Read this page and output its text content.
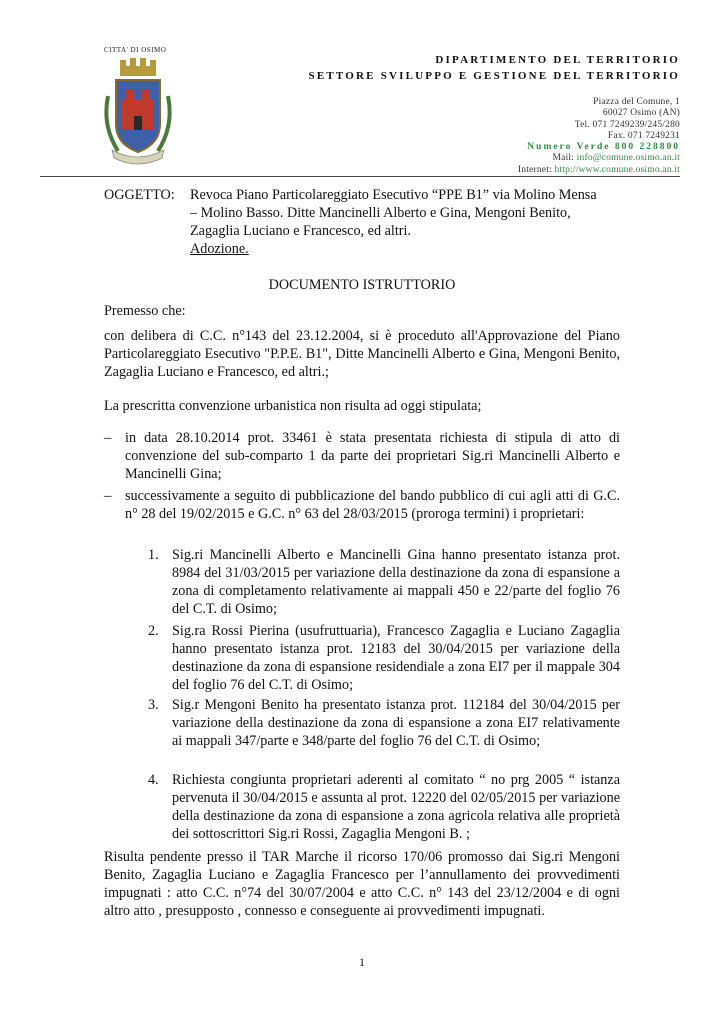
CITTA' DI OSIMO
DIPARTIMENTO DEL TERRITORIO
SETTORE SVILUPPO E GESTIONE DEL TERRITORIO
Piazza del Comune, 1
60027 Osimo (AN)
Tel. 071 7249239/245/280
Fax. 071 7249231
Numero Verde 800 228800
Mail: info@comune.osimo.an.it
Internet: http://www.comune.osimo.an.it
OGGETTO: Revoca Piano Particolareggiato Esecutivo “PPE B1” via Molino Mensa
– Molino Basso. Ditte Mancinelli Alberto e Gina, Mengoni Benito,
Zagaglia Luciano e Francesco, ed altri.
Adozione.
DOCUMENTO ISTRUTTORIO
Premesso che:
con delibera di C.C. n°143 del 23.12.2004, si è proceduto all'Approvazione del Piano Particolareggiato Esecutivo "P.P.E. B1", Ditte Mancinelli Alberto e Gina, Mengoni Benito, Zagaglia Luciano e Francesco, ed altri.;
La prescritta convenzione urbanistica non risulta ad oggi stipulata;
– in data 28.10.2014 prot. 33461 è stata presentata richiesta di stipula di atto di convenzione del sub-comparto 1 da parte dei proprietari Sig.ri Mancinelli Alberto e Mancinelli Gina;
– successivamente a seguito di pubblicazione del bando pubblico di cui agli atti di G.C. n° 28 del 19/02/2015 e G.C. n° 63 del 28/03/2015 (proroga termini) i proprietari:
1. Sig.ri Mancinelli Alberto e Mancinelli Gina hanno presentato istanza prot. 8984 del 31/03/2015 per variazione della destinazione da zona di espansione a zona di completamento relativamente ai mappali 450 e 22/parte del foglio 76 del C.T. di Osimo;
2. Sig.ra Rossi Pierina (usufruttuaria), Francesco Zagaglia e Luciano Zagaglia hanno presentato istanza prot. 12183 del 30/04/2015 per variazione della destinazione da zona di espansione residendiale a zona EI7 per il mappale 304 del foglio 76 del C.T. di Osimo;
3. Sig.r Mengoni Benito ha presentato istanza prot. 112184 del 30/04/2015 per variazione della destinazione da zona di espansione a zona EI7 relativamente ai mappali 347/parte e 348/parte del foglio 76 del C.T. di Osimo;
4. Richiesta congiunta proprietari aderenti al comitato “ no prg 2005 “ istanza pervenuta il 30/04/2015 e assunta al prot. 12220 del 02/05/2015 per variazione della destinazione da zona di espansione a zona agricola relativa alle proprietà dei sottoscrittori Sig.ri Rossi, Zagaglia Mengoni B. ;
Risulta pendente presso il TAR Marche il ricorso 170/06 promosso dai Sig.ri Mengoni Benito, Zagaglia Luciano e Zagaglia Francesco per l’annullamento dei provvedimenti impugnati : atto C.C. n°74 del 30/07/2004 e atto C.C. n° 143 del 23/12/2004 e di ogni altro atto , presupposto , connesso e conseguente ai provvedimenti impugnati.
1
